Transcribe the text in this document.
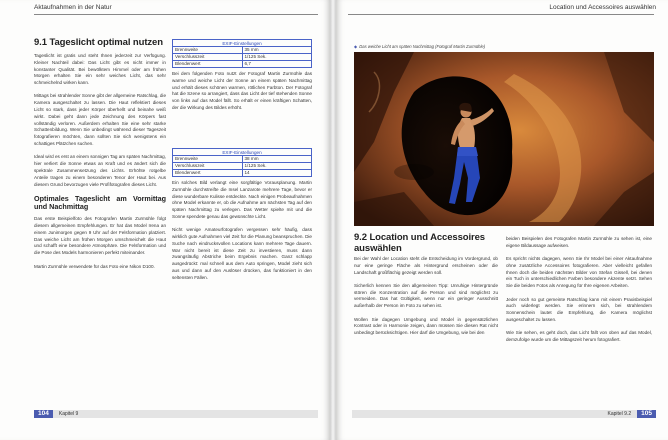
Aktaufnahmen in der Natur
9.1 Tageslicht optimal nutzen

Tageslicht ist gratis und steht Ihnen jederzeit zur Verfügung. Kleiner Nachteil dabei: Das Licht gibt es nicht immer in konstanter Qualität. Bei bewölktem Himmel oder am frühen Morgen erhalten Sie ein sehr weiches Licht, das sehr schmeichelnd wirken kann.

Mittags bei strahlender Sonne gibt der allgemeine Ratschlag, die Kamera ausgeschaltet zu lassen. Die Haut reflektiert dieses Licht so stark, dass jeder Körper überhellt und beinahe weiß wirkt. Dabei geht dann jede Zeichnung des Körpers fast vollständig verloren. Außerdem erhalten Sie eine sehr starke Schattenbildung. Wenn Sie unbedingt während dieser Tageszeit fotografieren möchten, dann sollten Sie sich wenigstens ein schattiges Plätzchen suchen.

Ideal wird es erst an einem sonnigen Tag am späten Nachmittag, hier verliert die Sonne etwas an Kraft und es ändert sich die spektrale Zusammensetzung des Lichts. Erhöhte rotgelbe Anteile tragen zu einem besonderen Tenor der Haut bei. Aus diesem Grund bevorzugen viele Profifotografen dieses Licht.

Optimales Tageslicht am Vormittag und Nachmittag

Das erste Beispielfoto des Fotografen Martin Zurmühle folgt diesem allgemeinen Empfehlungen. Er hat das Model Irena an einem Junimorgen gegen 9 Uhr auf der Felsformation platziert. Das weiche Licht am frühen Morgen umschmeichelt die Haut und schafft eine besondere Atmosphäre. Die Felsformation und die Pose des Models harmonieren perfekt miteinander.

Martin Zurmühle verwendete für das Foto eine Nikon D100.

EXIF-Einstellungen	
Brennweite	35 mm
Verschlusszeit	1/125 Sek.
Blendenwert	6,7

Bei dem folgenden Foto nutzt der Fotograf Martin Zurmühle das warme und weiche Licht der Sonne an einem späten Nachmittag und erhält dieses schönen warmen, rötlichen Farbton. Der Fotograf hat die Szene so arrangiert, dass das Licht der tief stehenden Sonne von links auf das Model fällt. So erhält er einen kräftigen Schatten, der die Wirkung des Bildes erhöht.

EXIF-Einstellungen	
Brennweite	38 mm
Verschlusszeit	1/125 Sek.
Blendenwert	14

Ein solches Bild verlangt eine sorgfältige Vorausplanung. Martin Zurmühle durchstreifte die Insel Lanzarote mehrere Tage, bevor er diese wunderbare Kulisse entdeckte. Nach einigen Probeaufnahmen ohne Model erkannte er, ob die Aufnahme am nächsten Tag auf den späten Nachmittag zu verlegen. Das Wetter spielte mit und die Sonne spendete genau das gewünschte Licht.

Nicht wenige Amateurfotografen vergessen sehr häufig, dass wirklich gute Aufnahmen viel Zeit für die Planung beanspruchen. Die Suche nach eindrucksvollen Locations kann mehrere Tage dauern. War nicht bereit ist diese Zeit zu investieren, muss dann zwangsläufig Abstriche beim Ergebnis machen. Ganz schlapp ausgedrückt: mal schnell aus dem Auto springen, Model zieht sich aus und dann auf den Auslöser drücken, das funktioniert in den seltensten Fällen.

104 Kapitel 9
Location und Accessoires auswählen
◆ Das weiche Licht am späten Nachmittag (Fotograf Martin Zurmühle)
9.2 Location und Accessoires auswählen

Bei der Wahl der Location steht die Entscheidung im Vordergrund, ob nur eine geringe Fläche als Hintergrund erscheinen oder die Landschaft großflächig gezeigt werden soll.

Sicherlich kennen Sie den allgemeinen Tipp: Unruhige Hintergründe stören die Konzentration auf die Person und sind möglichst zu vermeiden. Das hat Gültigkeit, wenn nur ein geringer Ausschnitt außerhalb der Person im Foto zu sehen ist.

Wollen Sie dagegen Umgebung und Model in gegensätzlichen Kontrast oder in Harmonie zeigen, dann müssen Sie diesen Rat nicht unbedingt berücksichtigen. Hier darf die Umgebung, wie bei den

beiden Beispielen des Fotografen Martin Zurmühle zu sehen ist, eine eigene Bildaussage aufweisen.

Es spricht nichts dagegen, wenn Sie Ihr Model bei einer Aktaufnahme ohne zusätzliche Accessoires fotografieren. Aber vielleicht gefallen Ihnen doch die beiden nächsten Bilder von Stefan Gissell, bei denen ein Tuch in unterschiedlichen Farben besondere Akzente setzt. Sehen Sie die beiden Fotos als Anregung für Ihre eigenen Arbeiten.

Jeder noch so gut gemeinte Ratschlag kann mit einem Praxisbeispiel auch widerlegt werden. Sie erinnern sich, bei strahlendem Sonnenschein lautet die Empfehlung, die Kamera möglichst ausgeschaltet zu lassen.

Wie Sie sehen, es geht doch, das Licht fällt von oben auf das Model, demzufolge wurde um die Mittagszeit herum fotografiert.

Kapitel 9.2 105
